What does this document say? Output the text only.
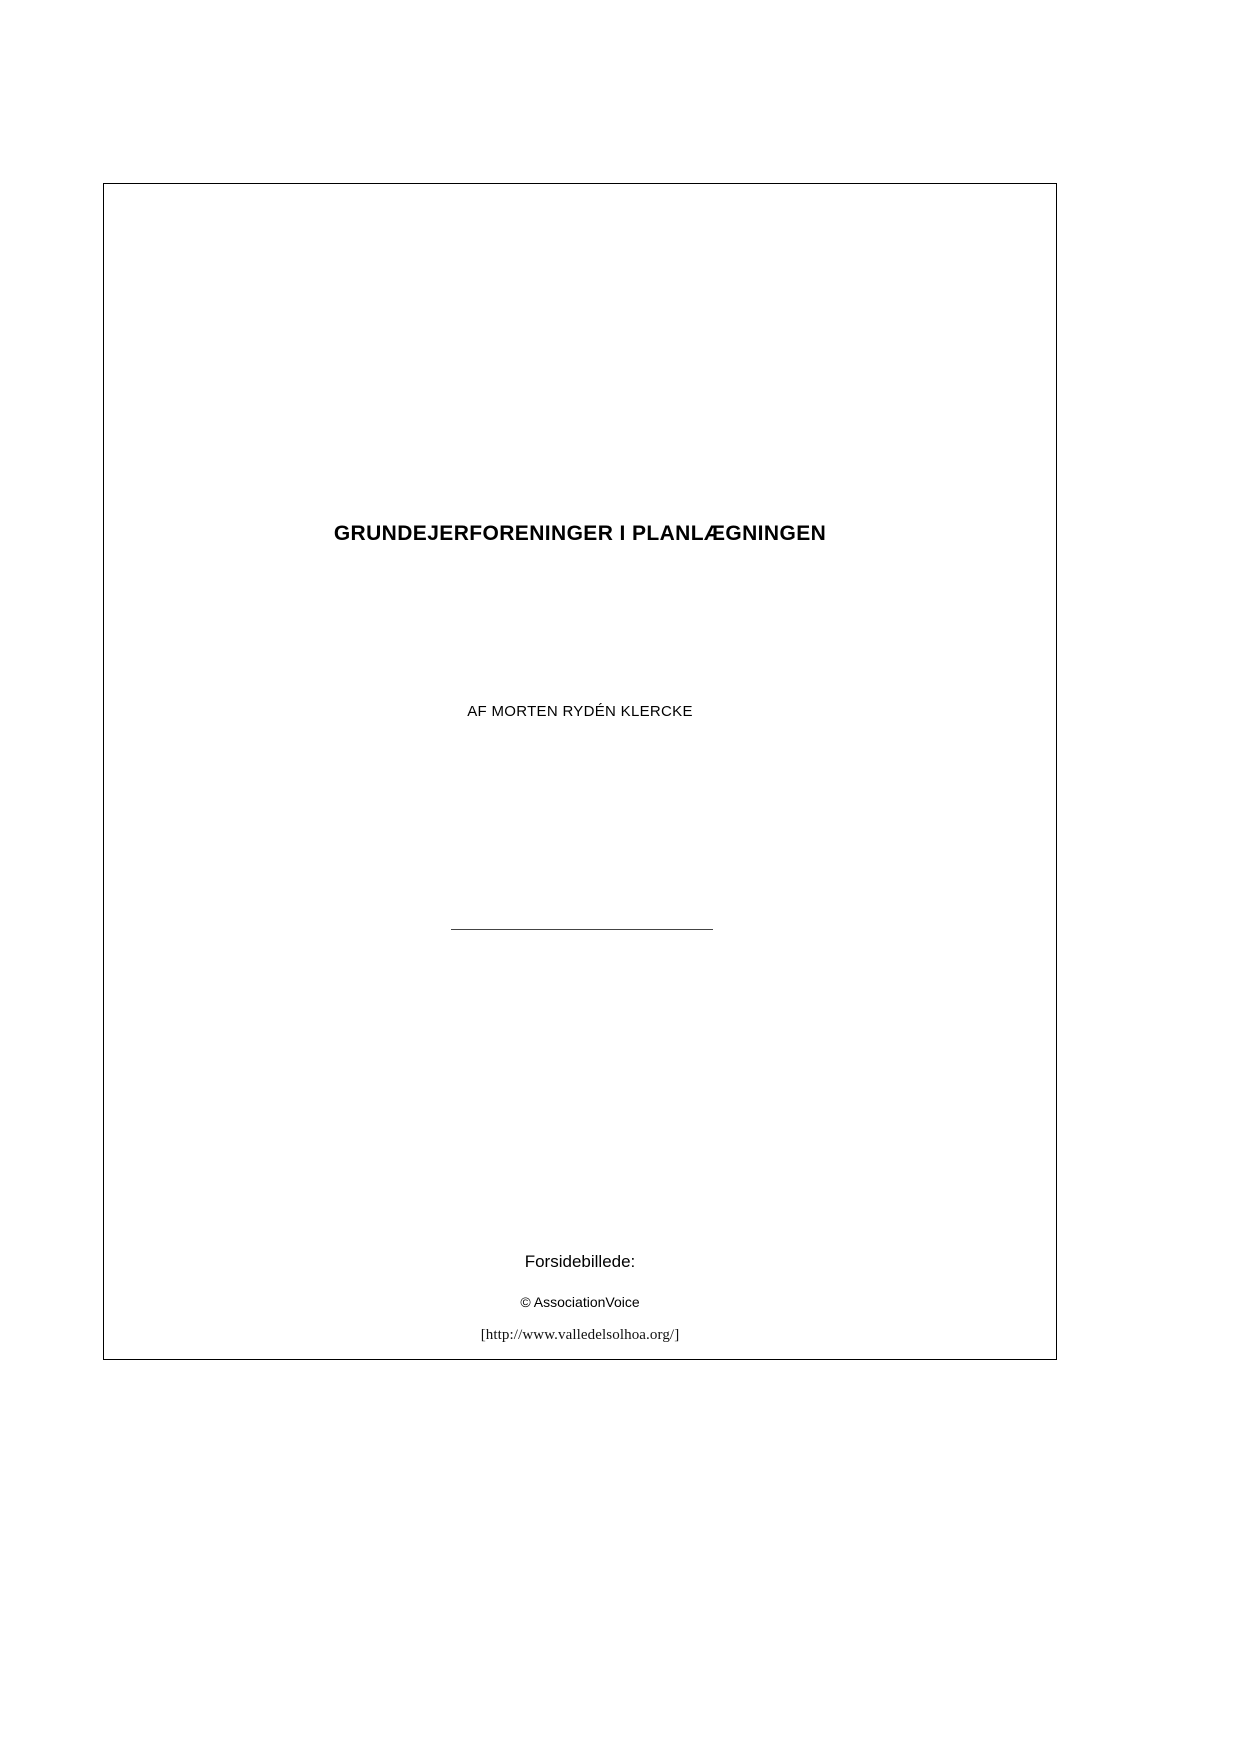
GRUNDEJERFORENINGER I PLANLÆGNINGEN
AF MORTEN RYDÉN KLERCKE
Forsidebillede:
© AssociationVoice
[http://www.valledelsolhoa.org/]
